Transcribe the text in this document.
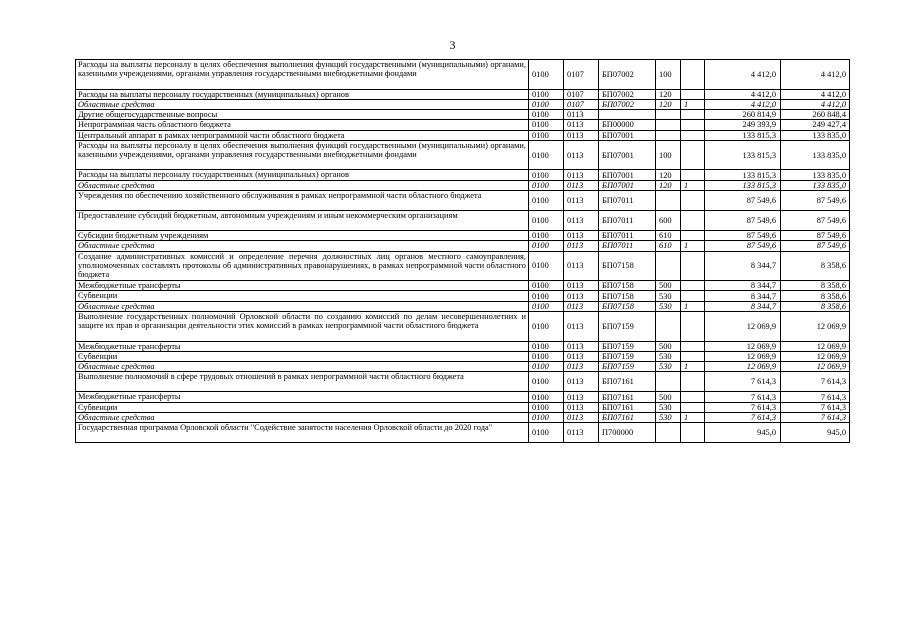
3
Расходы на выплаты персоналу в целях обеспечения выполнения функций государственными (муниципальными) органами, казенными учреждениями, органами управления государственными внебюджетными фондами	0100	0107	БП07002	100		4 412,0	4 412,0
Расходы на выплаты персоналу государственных (муниципальных) органов	0100	0107	БП07002	120		4 412,0	4 412,0
Областные средства	0100	0107	БП07002	120	1	4 412,0	4 412,0
Другие общегосударственные вопросы	0100	0113				260 814,9	260 848,4
Непрограммная часть областного бюджета	0100	0113	БП00000			249 393,9	249 427,4
Центральный аппарат в рамках непрограммной части областного бюджета	0100	0113	БП07001			133 815,3	133 835,0
Расходы на выплаты персоналу в целях обеспечения выполнения функций государственными (муниципальными) органами, казенными учреждениями, органами управления государственными внебюджетными фондами	0100	0113	БП07001	100		133 815,3	133 835,0
Расходы на выплаты персоналу государственных (муниципальных) органов	0100	0113	БП07001	120		133 815,3	133 835,0
Областные средства	0100	0113	БП07001	120	1	133 815,3	133 835,0
Учреждения по обеспечению хозяйственного обслуживания в рамках непрограммной части областного бюджета	0100	0113	БП07011			87 549,6	87 549,6
Предоставление субсидий бюджетным, автономным учреждениям и иным некоммерческим организациям	0100	0113	БП07011	600		87 549,6	87 549,6
Субсидии бюджетным учреждениям	0100	0113	БП07011	610		87 549,6	87 549,6
Областные средства	0100	0113	БП07011	610	1	87 549,6	87 549,6
Создание административных комиссий и определение перечня должностных лиц органов местного самоуправления, уполномоченных составлять протоколы об административных правонарушениях, в рамках непрограммной части областного бюджета	0100	0113	БП07158			8 344,7	8 358,6
Межбюджетные трансферты	0100	0113	БП07158	500		8 344,7	8 358,6
Субвенции	0100	0113	БП07158	530		8 344,7	8 358,6
Областные средства	0100	0113	БП07158	530	1	8 344,7	8 358,6
Выполнение государственных полномочий Орловской области по созданию комиссий по делам несовершеннолетних и защите их прав и организации деятельности этих комиссий в рамках непрограммной части областного бюджета	0100	0113	БП07159			12 069,9	12 069,9
Межбюджетные трансферты	0100	0113	БП07159	500		12 069,9	12 069,9
Субвенции	0100	0113	БП07159	530		12 069,9	12 069,9
Областные средства	0100	0113	БП07159	530	1	12 069,9	12 069,9
Выполнение полномочий в сфере трудовых отношений в рамках непрограммной части областного бюджета	0100	0113	БП07161			7 614,3	7 614,3
Межбюджетные трансферты	0100	0113	БП07161	500		7 614,3	7 614,3
Субвенции	0100	0113	БП07161	530		7 614,3	7 614,3
Областные средства	0100	0113	БП07161	530	1	7 614,3	7 614,3
Государственная программа Орловской области "Содействие занятости населения Орловской области до 2020 года"	0100	0113	П700000			945,0	945,0
